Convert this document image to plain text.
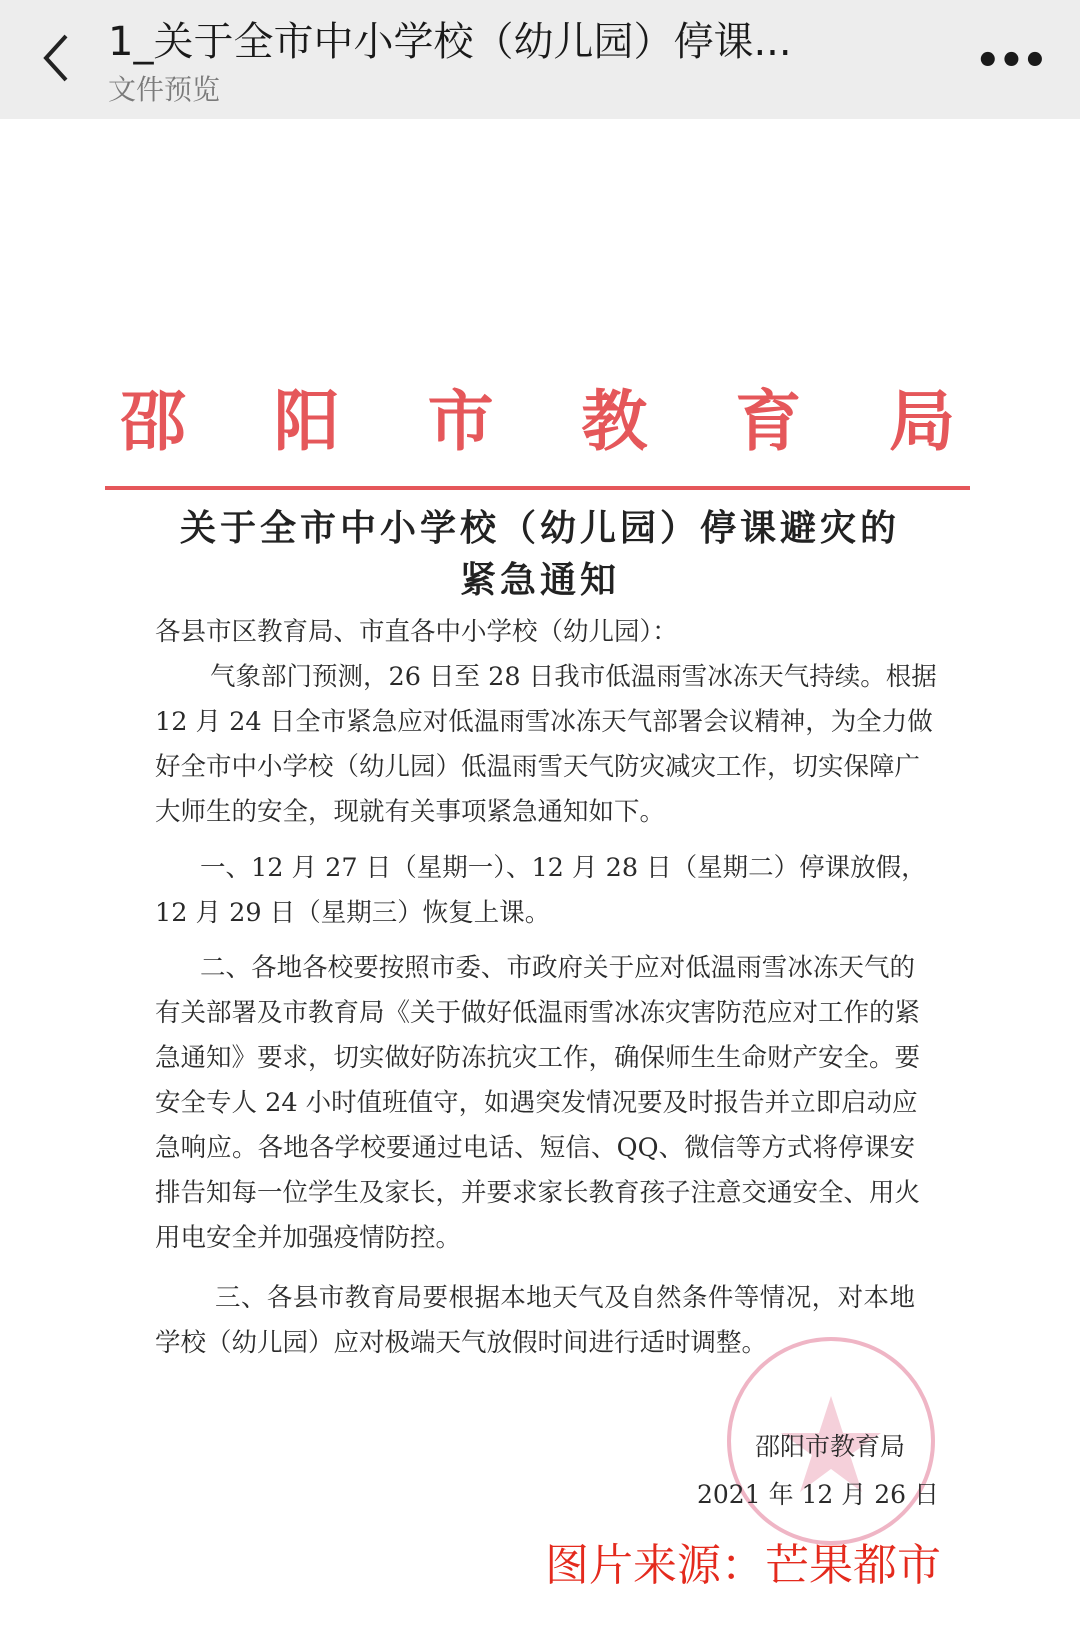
1_关于全市中小学校（幼儿园）停课...
文件预览
•••
邵 阳 市 教 育 局
关于全市中小学校（幼儿园）停课避灾的
紧急通知
各县市区教育局、市直各中小学校（幼儿园）：
气象部门预测，26 日至 28 日我市低温雨雪冰冻天气持续。根据
12 月 24 日全市紧急应对低温雨雪冰冻天气部署会议精神，为全力做
好全市中小学校（幼儿园）低温雨雪天气防灾减灾工作，切实保障广
大师生的安全，现就有关事项紧急通知如下。
一、12 月 27 日（星期一）、12 月 28 日（星期二）停课放假，
12 月 29 日（星期三）恢复上课。
二、各地各校要按照市委、市政府关于应对低温雨雪冰冻天气的
有关部署及市教育局《关于做好低温雨雪冰冻灾害防范应对工作的紧
急通知》要求，切实做好防冻抗灾工作，确保师生生命财产安全。要
安全专人 24 小时值班值守，如遇突发情况要及时报告并立即启动应
急响应。各地各学校要通过电话、短信、QQ、微信等方式将停课安
排告知每一位学生及家长，并要求家长教育孩子注意交通安全、用火
用电安全并加强疫情防控。
三、各县市教育局要根据本地天气及自然条件等情况，对本地
学校（幼儿园）应对极端天气放假时间进行适时调整。
邵阳市教育局
2021 年 12 月 26 日
图片来源：芒果都市
